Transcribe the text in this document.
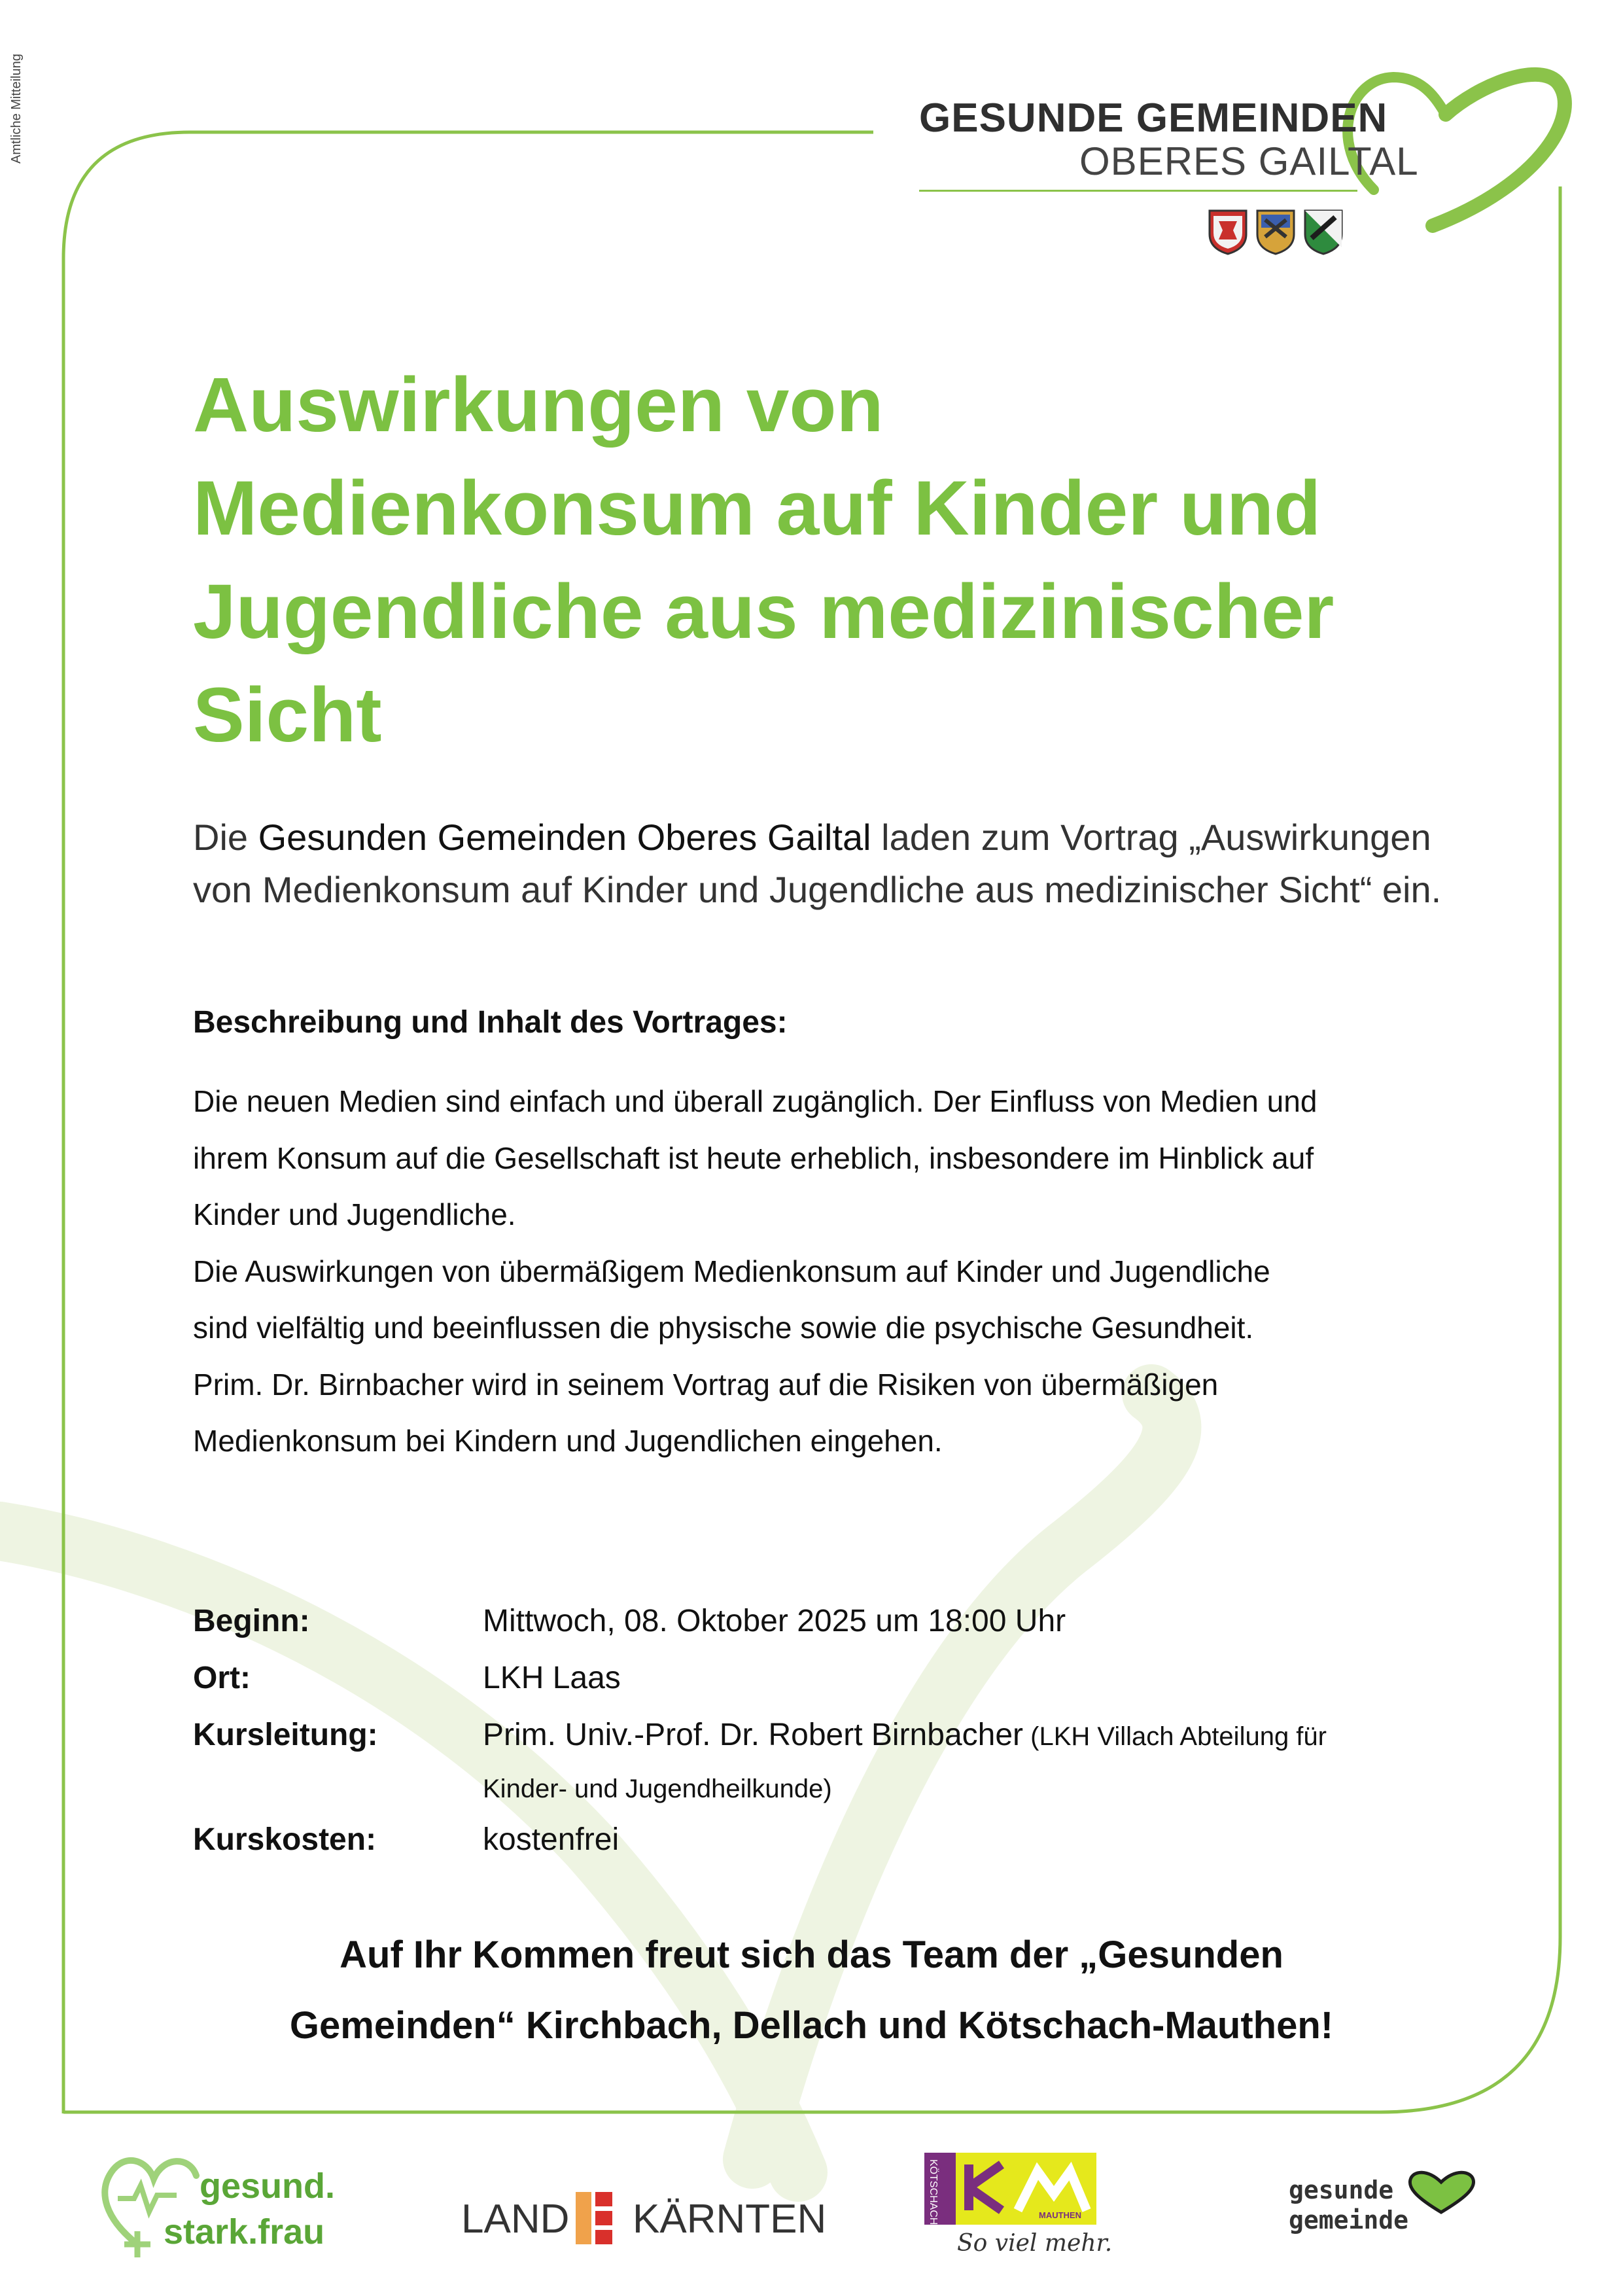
Amtliche Mitteilung	GESUNDE GEMEINDEN
OBERES GAILTAL
Auswirkungen von
Medienkonsum auf Kinder und
Jugendliche aus medizinischer
Sicht
Die Gesunden Gemeinden Oberes Gailtal laden zum Vortrag „Auswirkungen
von Medienkonsum auf Kinder und Jugendliche aus medizinischer Sicht“ ein.
Beschreibung und Inhalt des Vortrages:
Die neuen Medien sind einfach und überall zugänglich. Der Einfluss von Medien und
ihrem Konsum auf die Gesellschaft ist heute erheblich, insbesondere im Hinblick auf
Kinder und Jugendliche.
Die Auswirkungen von übermäßigem Medienkonsum auf Kinder und Jugendliche
sind vielfältig und beeinflussen die physische sowie die psychische Gesundheit.
Prim. Dr. Birnbacher wird in seinem Vortrag auf die Risiken von übermäßigen
Medienkonsum bei Kindern und Jugendlichen eingehen.
Beginn:	Mittwoch, 08. Oktober 2025 um 18:00 Uhr
Ort:	LKH Laas
Kursleitung:	Prim. Univ.-Prof. Dr. Robert Birnbacher (LKH Villach Abteilung für
Kinder- und Jugendheilkunde)
Kurskosten:	kostenfrei
Auf Ihr Kommen freut sich das Team der „Gesunden
Gemeinden“ Kirchbach, Dellach und Kötschach-Mauthen!
gesund.
stark.frau	LAND KÄRNTEN	KÖTSCHACH	MAUTHEN
So viel mehr.
gesunde
gemeinde
